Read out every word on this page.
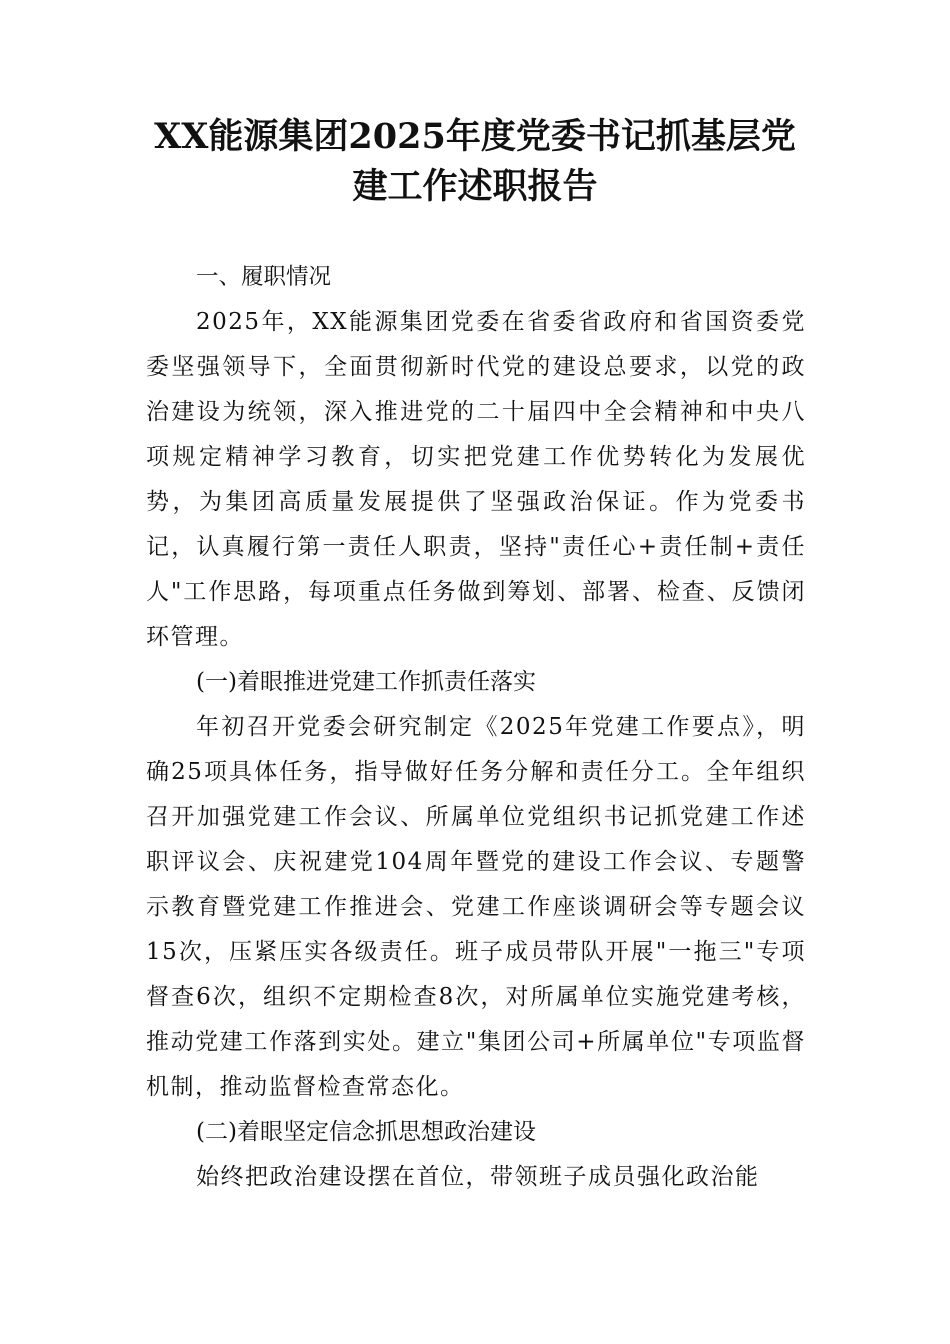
XX能源集团2025年度党委书记抓基层党
建工作述职报告

一、履职情况

2025年，XX能源集团党委在省委省政府和省国资委党委坚强领导下，全面贯彻新时代党的建设总要求，以党的政治建设为统领，深入推进党的二十届四中全会精神和中央八项规定精神学习教育，切实把党建工作优势转化为发展优势，为集团高质量发展提供了坚强政治保证。作为党委书记，认真履行第一责任人职责，坚持"责任心+责任制+责任人"工作思路，每项重点任务做到筹划、部署、检查、反馈闭环管理。

(一)着眼推进党建工作抓责任落实

年初召开党委会研究制定《2025年党建工作要点》，明确25项具体任务，指导做好任务分解和责任分工。全年组织召开加强党建工作会议、所属单位党组织书记抓党建工作述职评议会、庆祝建党104周年暨党的建设工作会议、专题警示教育暨党建工作推进会、党建工作座谈调研会等专题会议15次，压紧压实各级责任。班子成员带队开展"一拖三"专项督查6次，组织不定期检查8次，对所属单位实施党建考核，推动党建工作落到实处。建立"集团公司+所属单位"专项监督机制，推动监督检查常态化。

(二)着眼坚定信念抓思想政治建设

始终把政治建设摆在首位，带领班子成员强化政治能
